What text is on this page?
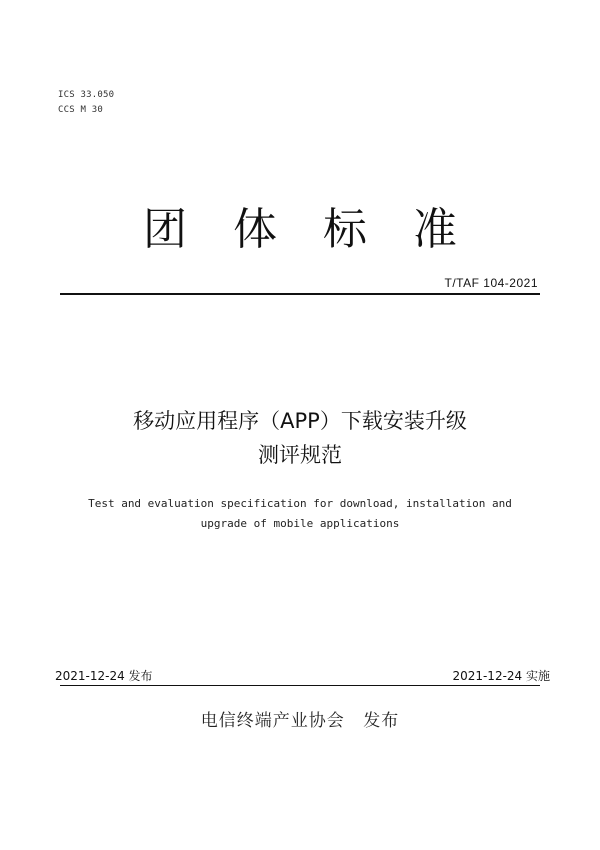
ICS 33.050
CCS M 30
团 体 标 准
T/TAF 104-2021
移动应用程序（APP）下载安装升级
测评规范
Test and evaluation specification for download, installation and
upgrade of mobile applications
2021-12-24 发布	2021-12-24 实施
电信终端产业协会 发布
